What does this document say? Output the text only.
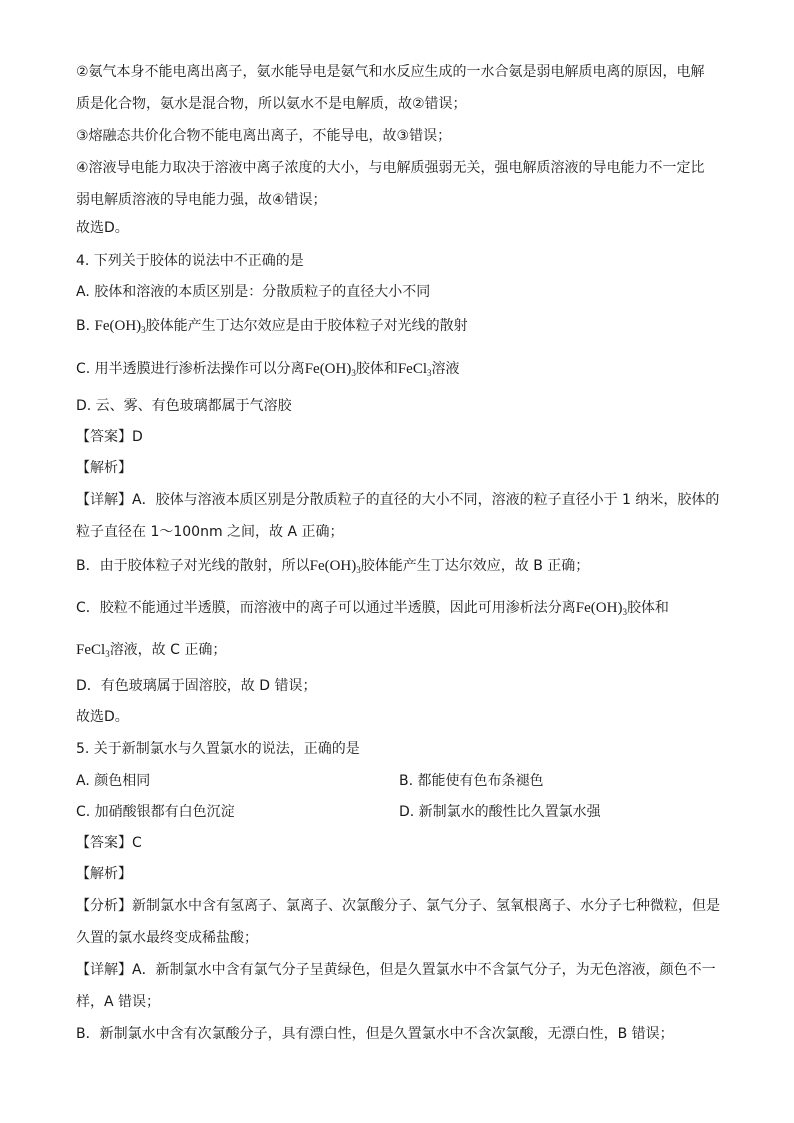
②氨气本身不能电离出离子，氨水能导电是氨气和水反应生成的一水合氨是弱电解质电离的原因，电解
质是化合物，氨水是混合物，所以氨水不是电解质，故②错误；
③熔融态共价化合物不能电离出离子，不能导电，故③错误；
④溶液导电能力取决于溶液中离子浓度的大小，与电解质强弱无关，强电解质溶液的导电能力不一定比
弱电解质溶液的导电能力强，故④错误；
故选D。
4. 下列关于胶体的说法中不正确的是
A. 胶体和溶液的本质区别是：分散质粒子的直径大小不同
B. $Fe(OH)_3$胶体能产生丁达尔效应是由于胶体粒子对光线的散射
C. 用半透膜进行渗析法操作可以分离$Fe(OH)_3$胶体和FeCl$_3$溶液
D. 云、雾、有色玻璃都属于气溶胶
【答案】D
【解析】
【详解】A．胶体与溶液本质区别是分散质粒子的直径的大小不同，溶液的粒子直径小于 1 纳米，胶体的
粒子直径在 1～100nm 之间，故 A 正确；
B．由于胶体粒子对光线的散射，所以$Fe(OH)_3$胶体能产生丁达尔效应，故 B 正确；
C．胶粒不能通过半透膜，而溶液中的离子可以通过半透膜，因此可用渗析法分离$Fe(OH)_3$胶体和
FeCl$_3$溶液，故 C 正确；
D．有色玻璃属于固溶胶，故 D 错误；
故选D。
5. 关于新制氯水与久置氯水的说法，正确的是
A. 颜色相同	B. 都能使有色布条褪色
C. 加硝酸银都有白色沉淀	D. 新制氯水的酸性比久置氯水强
【答案】C
【解析】
【分析】新制氯水中含有氢离子、氯离子、次氯酸分子、氯气分子、氢氧根离子、水分子七种微粒，但是
久置的氯水最终变成稀盐酸；
【详解】A．新制氯水中含有氯气分子呈黄绿色，但是久置氯水中不含氯气分子，为无色溶液，颜色不一
样，A 错误；
B．新制氯水中含有次氯酸分子，具有漂白性，但是久置氯水中不含次氯酸，无漂白性，B 错误；
